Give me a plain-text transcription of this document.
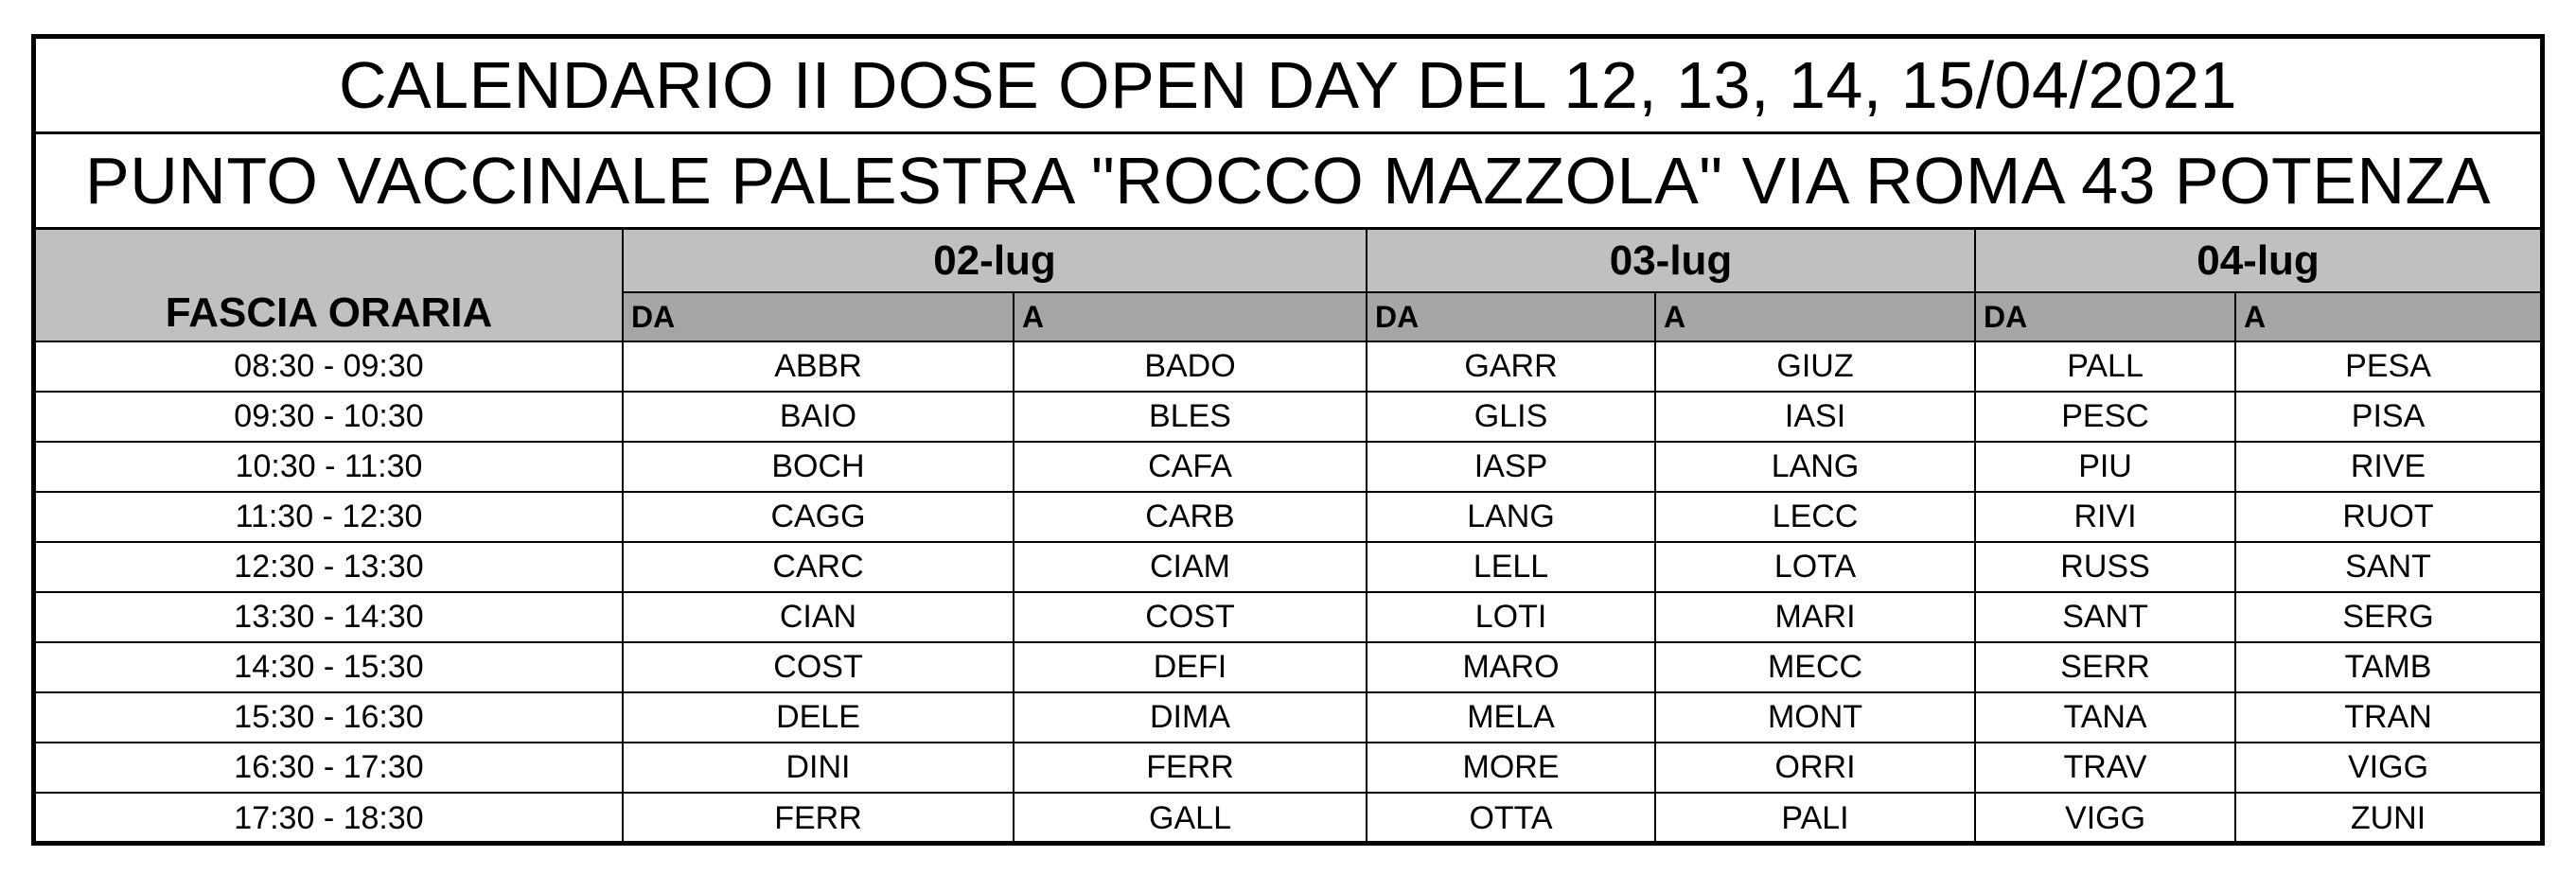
CALENDARIO II DOSE OPEN DAY DEL 12, 13, 14, 15/04/2021
PUNTO VACCINALE PALESTRA "ROCCO MAZZOLA" VIA ROMA 43 POTENZA
FASCIA ORARIA	02-lug		03-lug		04-lug	
	DA	A	DA	A	DA	A
08:30 - 09:30	ABBR	BADO	GARR	GIUZ	PALL	PESA
09:30 - 10:30	BAIO	BLES	GLIS	IASI	PESC	PISA
10:30 - 11:30	BOCH	CAFA	IASP	LANG	PIU	RIVE
11:30 - 12:30	CAGG	CARB	LANG	LECC	RIVI	RUOT
12:30 - 13:30	CARC	CIAM	LELL	LOTA	RUSS	SANT
13:30 - 14:30	CIAN	COST	LOTI	MARI	SANT	SERG
14:30 - 15:30	COST	DEFI	MARO	MECC	SERR	TAMB
15:30 - 16:30	DELE	DIMA	MELA	MONT	TANA	TRAN
16:30 - 17:30	DINI	FERR	MORE	ORRI	TRAV	VIGG
17:30 - 18:30	FERR	GALL	OTTA	PALI	VIGG	ZUNI
